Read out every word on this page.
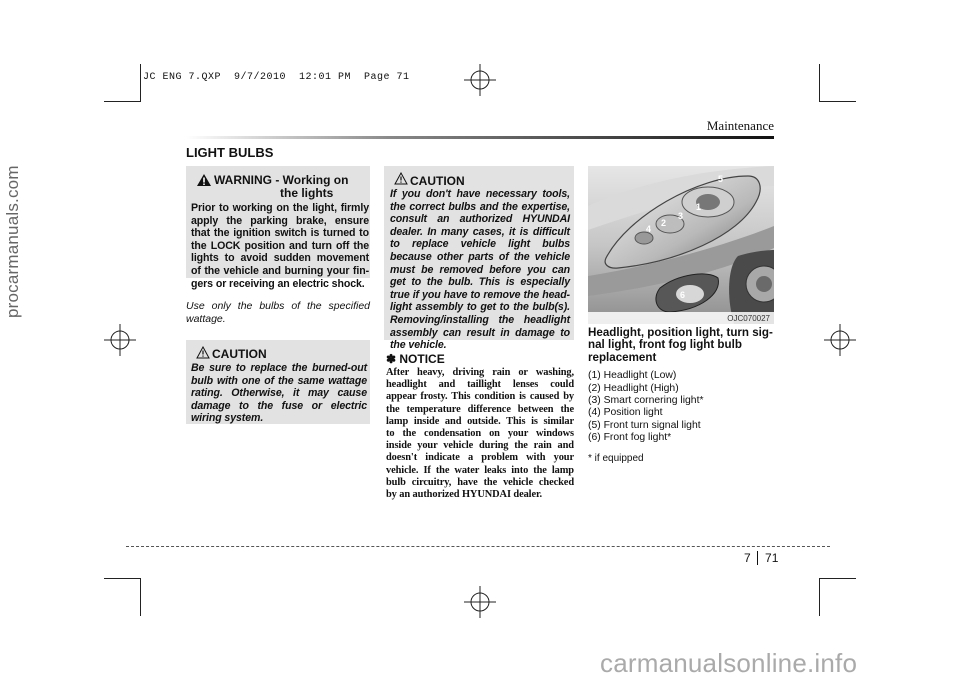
procarmanuals.com
carmanualsonline.info
JC ENG 7.QXP  9/7/2010  12:01 PM  Page 71
Maintenance
LIGHT BULBS
WARNING - Working on
the lights
Prior to working on the light, firmly
apply the parking brake, ensure
that the ignition switch is turned to
the LOCK position and turn off the
lights to avoid sudden movement
of the vehicle and burning your fin-
gers or receiving an electric shock.
Use only the bulbs of the specified
wattage.
CAUTION
Be sure to replace the burned-out
bulb with one of the same wattage
rating. Otherwise, it may cause
damage to the fuse or electric
wiring system.
CAUTION
If you don't have necessary tools,
the correct bulbs and the expertise,
consult an authorized HYUNDAI
dealer. In many cases, it is difficult
to replace vehicle light bulbs
because other parts of the vehicle
must be removed before you can
get to the bulb. This is especially
true if you have to remove the head-
light assembly to get to the bulb(s).
Removing/installing the headlight
assembly can result in damage to
the vehicle.
✽ NOTICE
After heavy, driving rain or washing,
headlight and taillight lenses could
appear frosty. This condition is caused by
the temperature difference between the
lamp inside and outside. This is similar
to the condensation on your windows
inside your vehicle during the rain and
doesn't indicate a problem with your
vehicle. If the water leaks into the lamp
bulb circuitry, have the vehicle checked
by an authorized HYUNDAI dealer.
1
2
3
4
5
6
OJC070027
Headlight, position light, turn sig-
nal light, front fog light bulb
replacement
(1) Headlight (Low)
(2) Headlight (High)
(3) Smart cornering light*
(4) Position light
(5) Front turn signal light
(6) Front fog light*
* if equipped
7 71
